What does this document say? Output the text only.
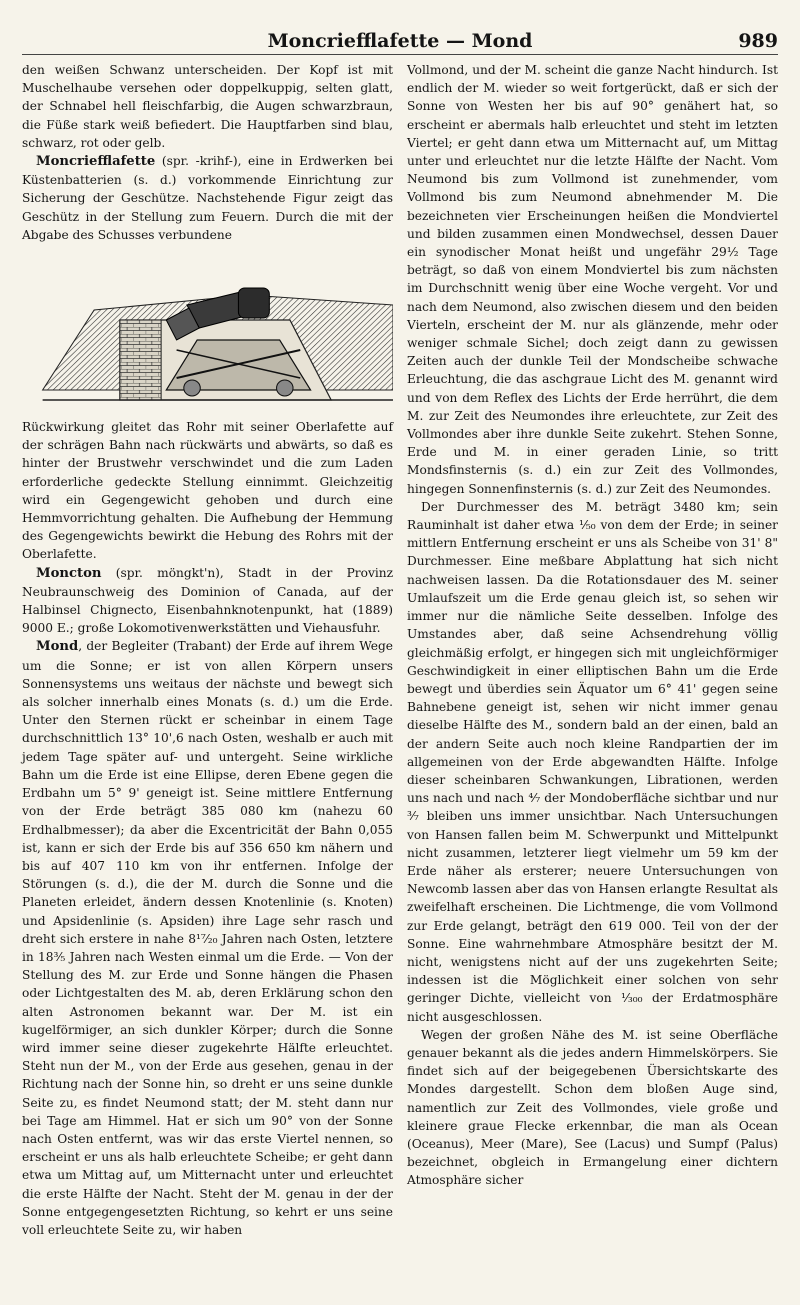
Moncriefflafette — Mond	989

den weißen Schwanz unterscheiden. Der Kopf ist mit Muschelhaube versehen oder doppelkuppig, selten glatt, der Schnabel hell fleischfarbig, die Augen schwarzbraun, die Füße stark weiß befiedert. Die Hauptfarben sind blau, schwarz, rot oder gelb.

Moncriefflafette (spr. -krihf-), eine in Erdwerken bei Küstenbatterien (s. d.) vorkommende Einrichtung zur Sicherung der Geschütze. Nachstehende Figur zeigt das Geschütz in der Stellung zum Feuern. Durch die mit der Abgabe des Schusses verbundene

Rückwirkung gleitet das Rohr mit seiner Oberlafette auf der schrägen Bahn nach rückwärts und abwärts, so daß es hinter der Brustwehr verschwindet und die zum Laden erforderliche gedeckte Stellung einnimmt. Gleichzeitig wird ein Gegengewicht gehoben und durch eine Hemmvorrichtung gehalten. Die Aufhebung der Hemmung des Gegengewichts bewirkt die Hebung des Rohrs mit der Oberlafette.

Moncton (spr. möngkt'n), Stadt in der Provinz Neubraunschweig des Dominion of Canada, auf der Halbinsel Chignecto, Eisenbahnknotenpunkt, hat (1889) 9000 E.; große Lokomotivenwerkstätten und Viehausfuhr.

Mond, der Begleiter (Trabant) der Erde auf ihrem Wege um die Sonne; er ist von allen Körpern unsers Sonnensystems uns weitaus der nächste und bewegt sich als solcher innerhalb eines Monats (s. d.) um die Erde. Unter den Sternen rückt er scheinbar in einem Tage durchschnittlich 13° 10',6 nach Osten, weshalb er auch mit jedem Tage später auf- und untergeht. Seine wirkliche Bahn um die Erde ist eine Ellipse, deren Ebene gegen die Erdbahn um 5° 9' geneigt ist. Seine mittlere Entfernung von der Erde beträgt 385 080 km (nahezu 60 Erdhalbmesser); da aber die Excentricität der Bahn 0,055 ist, kann er sich der Erde bis auf 356 650 km nähern und bis auf 407 110 km von ihr entfernen. Infolge der Störungen (s. d.), die der M. durch die Sonne und die Planeten erleidet, ändern dessen Knotenlinie (s. Knoten) und Apsidenlinie (s. Apsiden) ihre Lage sehr rasch und dreht sich erstere in nahe 8¹⁷⁄₂₀ Jahren nach Osten, letztere in 18³⁄₅ Jahren nach Westen einmal um die Erde. — Von der Stellung des M. zur Erde und Sonne hängen die Phasen oder Lichtgestalten des M. ab, deren Erklärung schon den alten Astronomen bekannt war. Der M. ist ein kugelförmiger, an sich dunkler Körper; durch die Sonne wird immer seine dieser zugekehrte Hälfte erleuchtet. Steht nun der M., von der Erde aus gesehen, genau in der Richtung nach der Sonne hin, so dreht er uns seine dunkle Seite zu, es findet Neumond statt; der M. steht dann nur bei Tage am Himmel. Hat er sich um 90° von der Sonne nach Osten entfernt, was wir das erste Viertel nennen, so erscheint er uns als halb erleuchtete Scheibe; er geht dann etwa um Mittag auf, um Mitternacht unter und erleuchtet die erste Hälfte der Nacht. Steht der M. genau in der der Sonne entgegengesetzten Richtung, so kehrt er uns seine voll erleuchtete Seite zu, wir haben

Vollmond, und der M. scheint die ganze Nacht hindurch. Ist endlich der M. wieder so weit fortgerückt, daß er sich der Sonne von Westen her bis auf 90° genähert hat, so erscheint er abermals halb erleuchtet und steht im letzten Viertel; er geht dann etwa um Mitternacht auf, um Mittag unter und erleuchtet nur die letzte Hälfte der Nacht. Vom Neumond bis zum Vollmond ist zunehmender, vom Vollmond bis zum Neumond abnehmender M. Die bezeichneten vier Erscheinungen heißen die Mondviertel und bilden zusammen einen Mondwechsel, dessen Dauer ein synodischer Monat heißt und ungefähr 29½ Tage beträgt, so daß von einem Mondviertel bis zum nächsten im Durchschnitt wenig über eine Woche vergeht. Vor und nach dem Neumond, also zwischen diesem und den beiden Vierteln, erscheint der M. nur als glänzende, mehr oder weniger schmale Sichel; doch zeigt dann zu gewissen Zeiten auch der dunkle Teil der Mondscheibe schwache Erleuchtung, die das aschgraue Licht des M. genannt wird und von dem Reflex des Lichts der Erde herrührt, die dem M. zur Zeit des Neumondes ihre erleuchtete, zur Zeit des Vollmondes aber ihre dunkle Seite zukehrt. Stehen Sonne, Erde und M. in einer geraden Linie, so tritt Mondsfinsternis (s. d.) ein zur Zeit des Vollmondes, hingegen Sonnenfinsternis (s. d.) zur Zeit des Neumondes.

Der Durchmesser des M. beträgt 3480 km; sein Rauminhalt ist daher etwa ¹⁄₅₀ von dem der Erde; in seiner mittlern Entfernung erscheint er uns als Scheibe von 31' 8" Durchmesser. Eine meßbare Abplattung hat sich nicht nachweisen lassen. Da die Rotationsdauer des M. seiner Umlaufszeit um die Erde genau gleich ist, so sehen wir immer nur die nämliche Seite desselben. Infolge des Umstandes aber, daß seine Achsendrehung völlig gleichmäßig erfolgt, er hingegen sich mit ungleichförmiger Geschwindigkeit in einer elliptischen Bahn um die Erde bewegt und überdies sein Äquator um 6° 41' gegen seine Bahnebene geneigt ist, sehen wir nicht immer genau dieselbe Hälfte des M., sondern bald an der einen, bald an der andern Seite auch noch kleine Randpartien der im allgemeinen von der Erde abgewandten Hälfte. Infolge dieser scheinbaren Schwankungen, Librationen, werden uns nach und nach ⁴⁄₇ der Mondoberfläche sichtbar und nur ³⁄₇ bleiben uns immer unsichtbar. Nach Untersuchungen von Hansen fallen beim M. Schwerpunkt und Mittelpunkt nicht zusammen, letzterer liegt vielmehr um 59 km der Erde näher als ersterer; neuere Untersuchungen von Newcomb lassen aber das von Hansen erlangte Resultat als zweifelhaft erscheinen. Die Lichtmenge, die vom Vollmond zur Erde gelangt, beträgt den 619 000. Teil von der der Sonne. Eine wahrnehmbare Atmosphäre besitzt der M. nicht, wenigstens nicht auf der uns zugekehrten Seite; indessen ist die Möglichkeit einer solchen von sehr geringer Dichte, vielleicht von ¹⁄₃₀₀ der Erdatmosphäre nicht ausgeschlossen.

Wegen der großen Nähe des M. ist seine Oberfläche genauer bekannt als die jedes andern Himmelskörpers. Sie findet sich auf der beigegebenen Übersichtskarte des Mondes dargestellt. Schon dem bloßen Auge sind, namentlich zur Zeit des Vollmondes, viele große und kleinere graue Flecke erkennbar, die man als Ocean (Oceanus), Meer (Mare), See (Lacus) und Sumpf (Palus) bezeichnet, obgleich in Ermangelung einer dichtern Atmosphäre sicher
